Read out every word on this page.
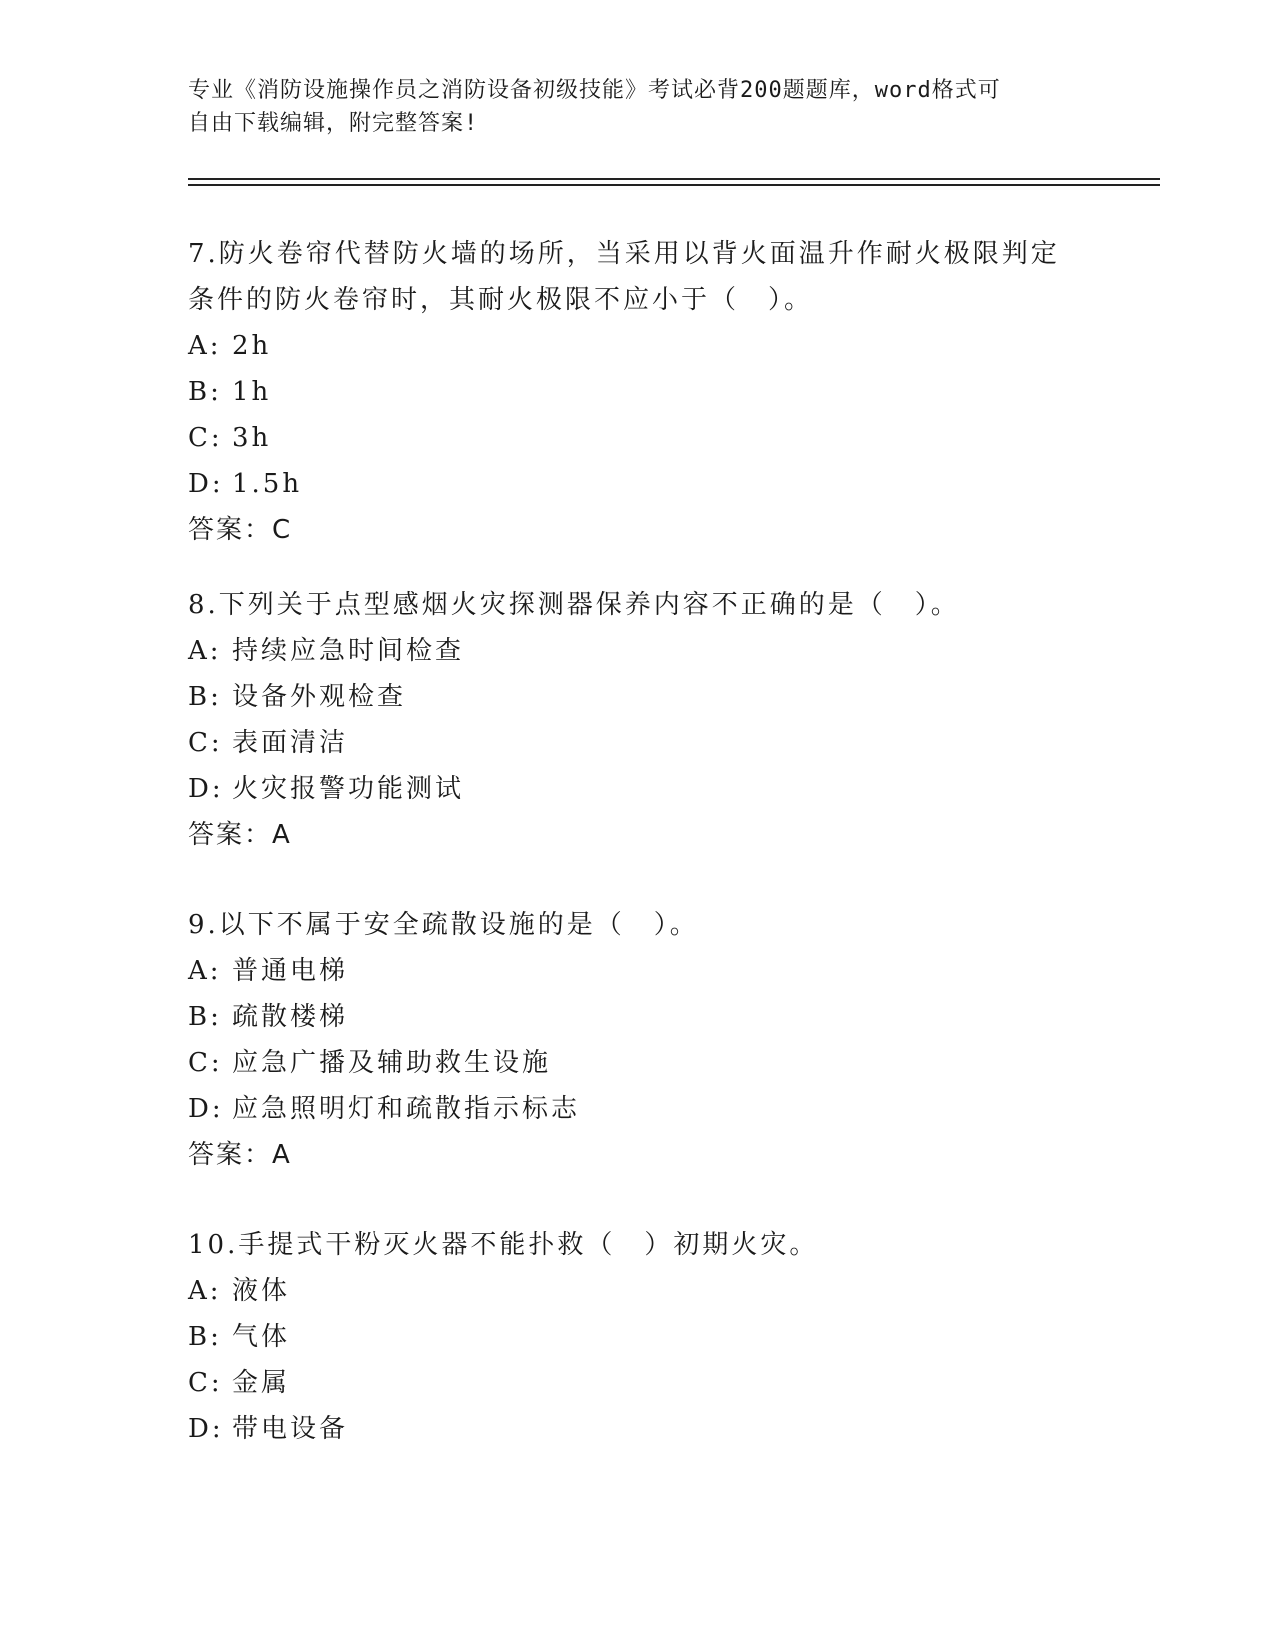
专业《消防设施操作员之消防设备初级技能》考试必背200题题库，word格式可
自由下载编辑，附完整答案!

7.防火卷帘代替防火墙的场所，当采用以背火面温升作耐火极限判定

条件的防火卷帘时，其耐火极限不应小于（　）。

A: 2h

B: 1h

C: 3h

D: 1.5h

答案：C

8.下列关于点型感烟火灾探测器保养内容不正确的是（　）。

A: 持续应急时间检查

B: 设备外观检查

C: 表面清洁

D: 火灾报警功能测试

答案：A

9.以下不属于安全疏散设施的是（　）。

A: 普通电梯

B: 疏散楼梯

C: 应急广播及辅助救生设施

D: 应急照明灯和疏散指示标志

答案：A

10.手提式干粉灭火器不能扑救（　）初期火灾。

A: 液体

B: 气体

C: 金属

D: 带电设备
